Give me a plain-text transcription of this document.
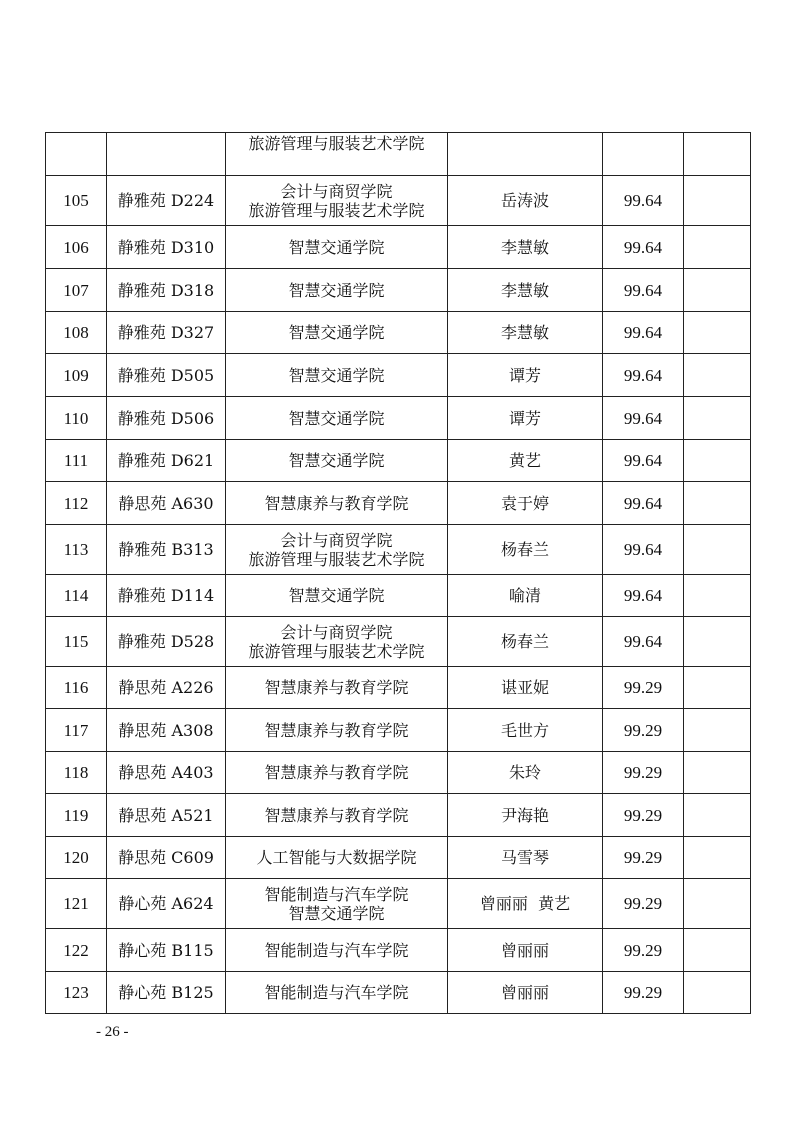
		旅游管理与服装艺术学院			
105	静雅苑 D224	会计与商贸学院
旅游管理与服装艺术学院	岳涛波	99.64	
106	静雅苑 D310	智慧交通学院	李慧敏	99.64	
107	静雅苑 D318	智慧交通学院	李慧敏	99.64	
108	静雅苑 D327	智慧交通学院	李慧敏	99.64	
109	静雅苑 D505	智慧交通学院	谭芳	99.64	
110	静雅苑 D506	智慧交通学院	谭芳	99.64	
111	静雅苑 D621	智慧交通学院	黄艺	99.64	
112	静思苑 A630	智慧康养与教育学院	袁于婷	99.64	
113	静雅苑 B313	会计与商贸学院
旅游管理与服装艺术学院	杨春兰	99.64	
114	静雅苑 D114	智慧交通学院	喻清	99.64	
115	静雅苑 D528	会计与商贸学院
旅游管理与服装艺术学院	杨春兰	99.64	
116	静思苑 A226	智慧康养与教育学院	谌亚妮	99.29	
117	静思苑 A308	智慧康养与教育学院	毛世方	99.29	
118	静思苑 A403	智慧康养与教育学院	朱玲	99.29	
119	静思苑 A521	智慧康养与教育学院	尹海艳	99.29	
120	静思苑 C609	人工智能与大数据学院	马雪琴	99.29	
121	静心苑 A624	智能制造与汽车学院
智慧交通学院	曾丽丽  黄艺	99.29	
122	静心苑 B115	智能制造与汽车学院	曾丽丽	99.29	
123	静心苑 B125	智能制造与汽车学院	曾丽丽	99.29	
- 26 -
